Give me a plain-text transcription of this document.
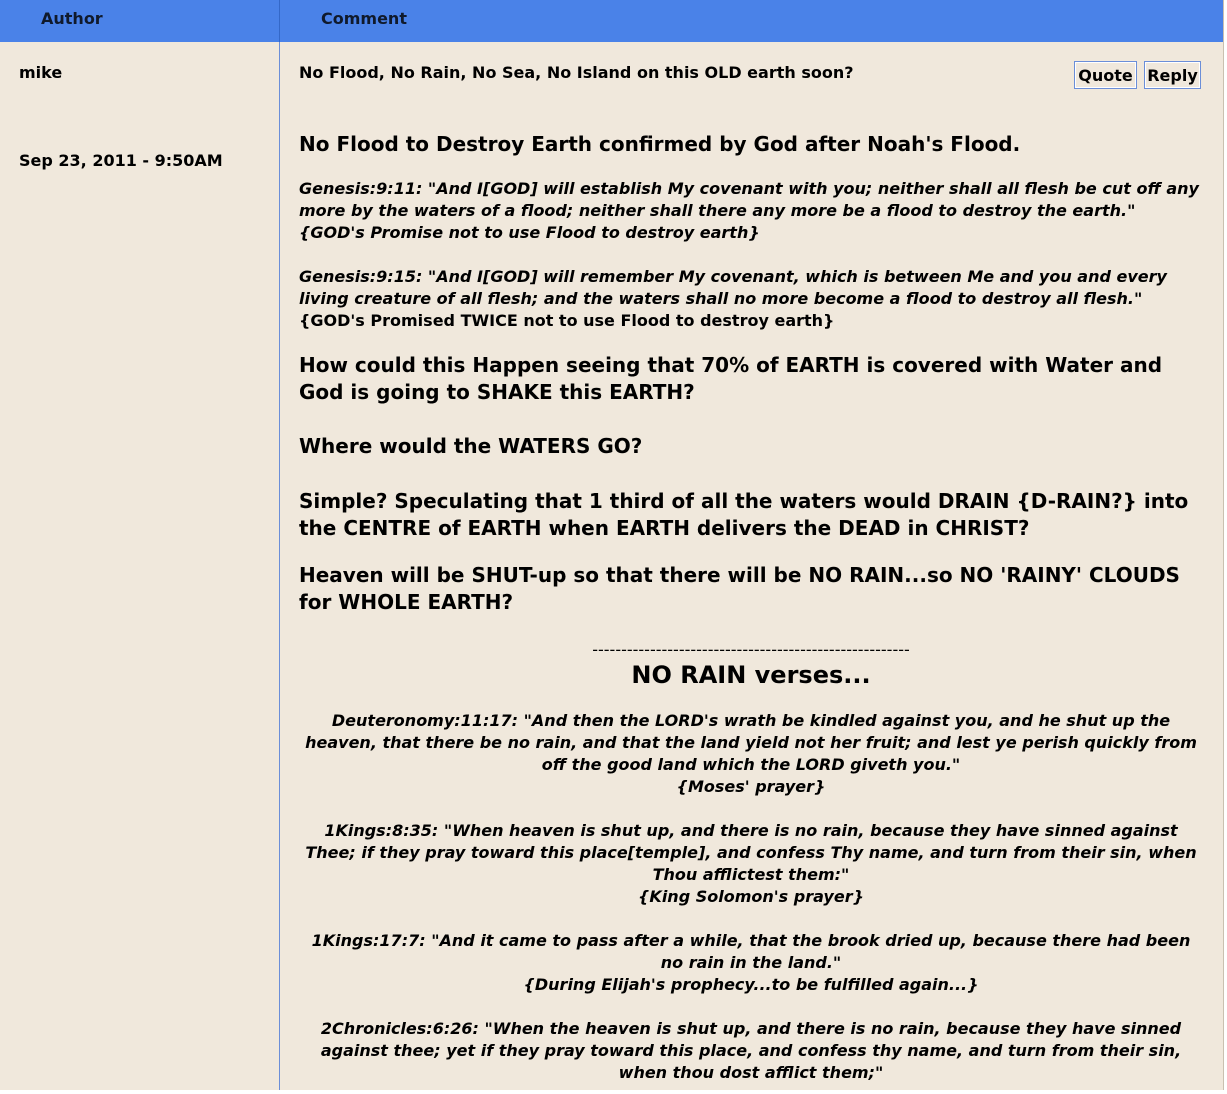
Author	Comment
mike
Sep 23, 2011 - 9:50AM
No Flood, No Rain, No Sea, No Island on this OLD earth soon?	Quote Reply

No Flood to Destroy Earth confirmed by God after Noah's Flood.

Genesis:9:11: "And I[GOD] will establish My covenant with you; neither shall all flesh be cut off any more by the waters of a flood; neither shall there any more be a flood to destroy the earth."

{GOD's Promise not to use Flood to destroy earth}

Genesis:9:15: "And I[GOD] will remember My covenant, which is between Me and you and every living creature of all flesh; and the waters shall no more become a flood to destroy all flesh."

{GOD's Promised TWICE not to use Flood to destroy earth}

How could this Happen seeing that 70% of EARTH is covered with Water and God is going to SHAKE this EARTH?

Where would the WATERS GO?

Simple? Speculating that 1 third of all the waters would DRAIN {D-RAIN?} into the CENTRE of EARTH when EARTH delivers the DEAD in CHRIST?

Heaven will be SHUT-up so that there will be NO RAIN...so NO 'RAINY' CLOUDS for WHOLE EARTH?

-------------------------------------------------------

NO RAIN verses...

Deuteronomy:11:17: "And then the LORD's wrath be kindled against you, and he shut up the heaven, that there be no rain, and that the land yield not her fruit; and lest ye perish quickly from off the good land which the LORD giveth you."

{Moses' prayer}

1Kings:8:35: "When heaven is shut up, and there is no rain, because they have sinned against Thee; if they pray toward this place[temple], and confess Thy name, and turn from their sin, when Thou afflictest them:"

{King Solomon's prayer}

1Kings:17:7: "And it came to pass after a while, that the brook dried up, because there had been no rain in the land."

{During Elijah's prophecy...to be fulfilled again...}

2Chronicles:6:26: "When the heaven is shut up, and there is no rain, because they have sinned against thee; yet if they pray toward this place, and confess thy name, and turn from their sin, when thou dost afflict them;"
